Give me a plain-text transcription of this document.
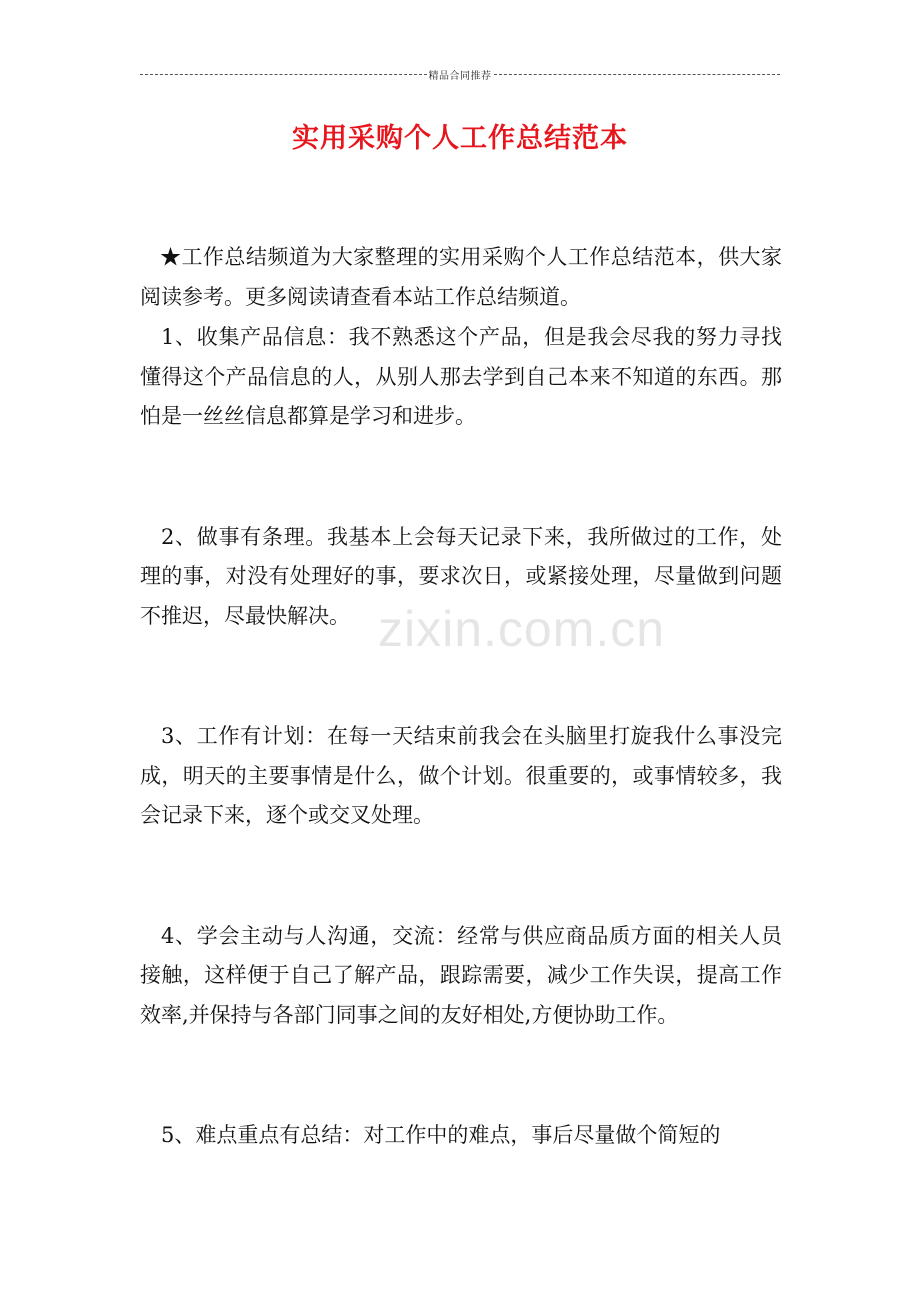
精品合同推荐
实用采购个人工作总结范本

★工作总结频道为大家整理的实用采购个人工作总结范本，供大家阅读参考。更多阅读请查看本站工作总结频道。

1、收集产品信息：我不熟悉这个产品，但是我会尽我的努力寻找懂得这个产品信息的人，从别人那去学到自己本来不知道的东西。那怕是一丝丝信息都算是学习和进步。

2、做事有条理。我基本上会每天记录下来，我所做过的工作，处理的事，对没有处理好的事，要求次日，或紧接处理，尽量做到问题不推迟，尽最快解决。

3、工作有计划：在每一天结束前我会在头脑里打旋我什么事没完成，明天的主要事情是什么，做个计划。很重要的，或事情较多，我会记录下来，逐个或交叉处理。

4、学会主动与人沟通，交流：经常与供应商品质方面的相关人员接触，这样便于自己了解产品，跟踪需要，减少工作失误，提高工作效率,并保持与各部门同事之间的友好相处,方便协助工作。

5、难点重点有总结：对工作中的难点，事后尽量做个简短的

zixin.com.cn
